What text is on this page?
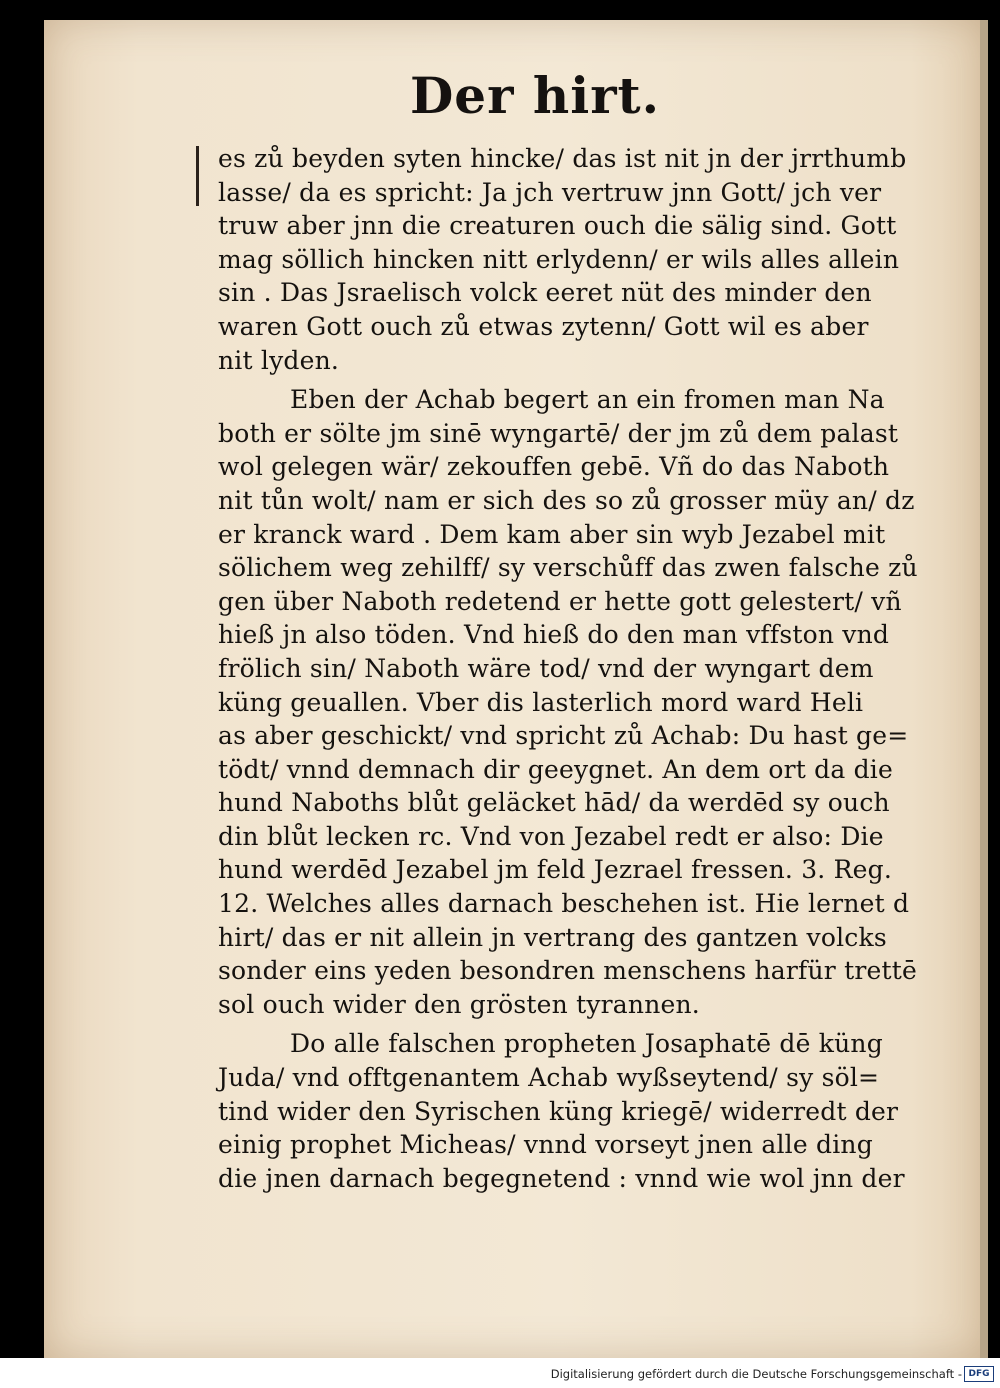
Der hirt.
es zů beyden syten hincke/ das ist nit jn der jrrthumb
lasse/ da es spricht: Ja jch vertruw jnn Gott/ jch ver
truw aber jnn die creaturen ouch die sälig sind. Gott
mag söllich hincken nitt erlydenn/ er wils alles allein
sin . Das Jsraelisch volck eeret nüt des minder den
waren Gott ouch zů etwas zytenn/ Gott wil es aber
nit lyden.
Eben der Achab begert an ein fromen man Na
both er sölte jm sinē wyngartē/ der jm zů dem palast
wol gelegen wär/ zekouffen gebē. Vñ do das Naboth
nit tůn wolt/ nam er sich des so zů grosser müy an/ dz
er kranck ward . Dem kam aber sin wyb Jezabel mit
sölichem weg zehilff/ sy verschůff das zwen falsche zů
gen über Naboth redetend er hette gott gelestert/ vñ
hieß jn also töden. Vnd hieß do den man vffston vnd
frölich sin/ Naboth wäre tod/ vnd der wyngart dem
küng geuallen. Vber dis lasterlich mord ward Heli
as aber geschickt/ vnd spricht zů Achab: Du hast ge=
tödt/ vnnd demnach dir geeygnet. An dem ort da die
hund Naboths blůt geläcket hād/ da werdēd sy ouch
din blůt lecken rc. Vnd von Jezabel redt er also: Die
hund werdēd Jezabel jm feld Jezrael fressen. 3. Reg.
12. Welches alles darnach beschehen ist. Hie lernet d
hirt/ das er nit allein jn vertrang des gantzen volcks
sonder eins yeden besondren menschens harfür trettē
sol ouch wider den grösten tyrannen.
Do alle falschen propheten Josaphatē dē küng
Juda/ vnd offtgenantem Achab wyßseytend/ sy söl=
tind wider den Syrischen küng kriegē/ widerredt der
einig prophet Micheas/ vnnd vorseyt jnen alle ding
die jnen darnach begegnetend : vnnd wie wol jnn der
Digitalisierung gefördert durch die Deutsche Forschungsgemeinschaft - DFG
